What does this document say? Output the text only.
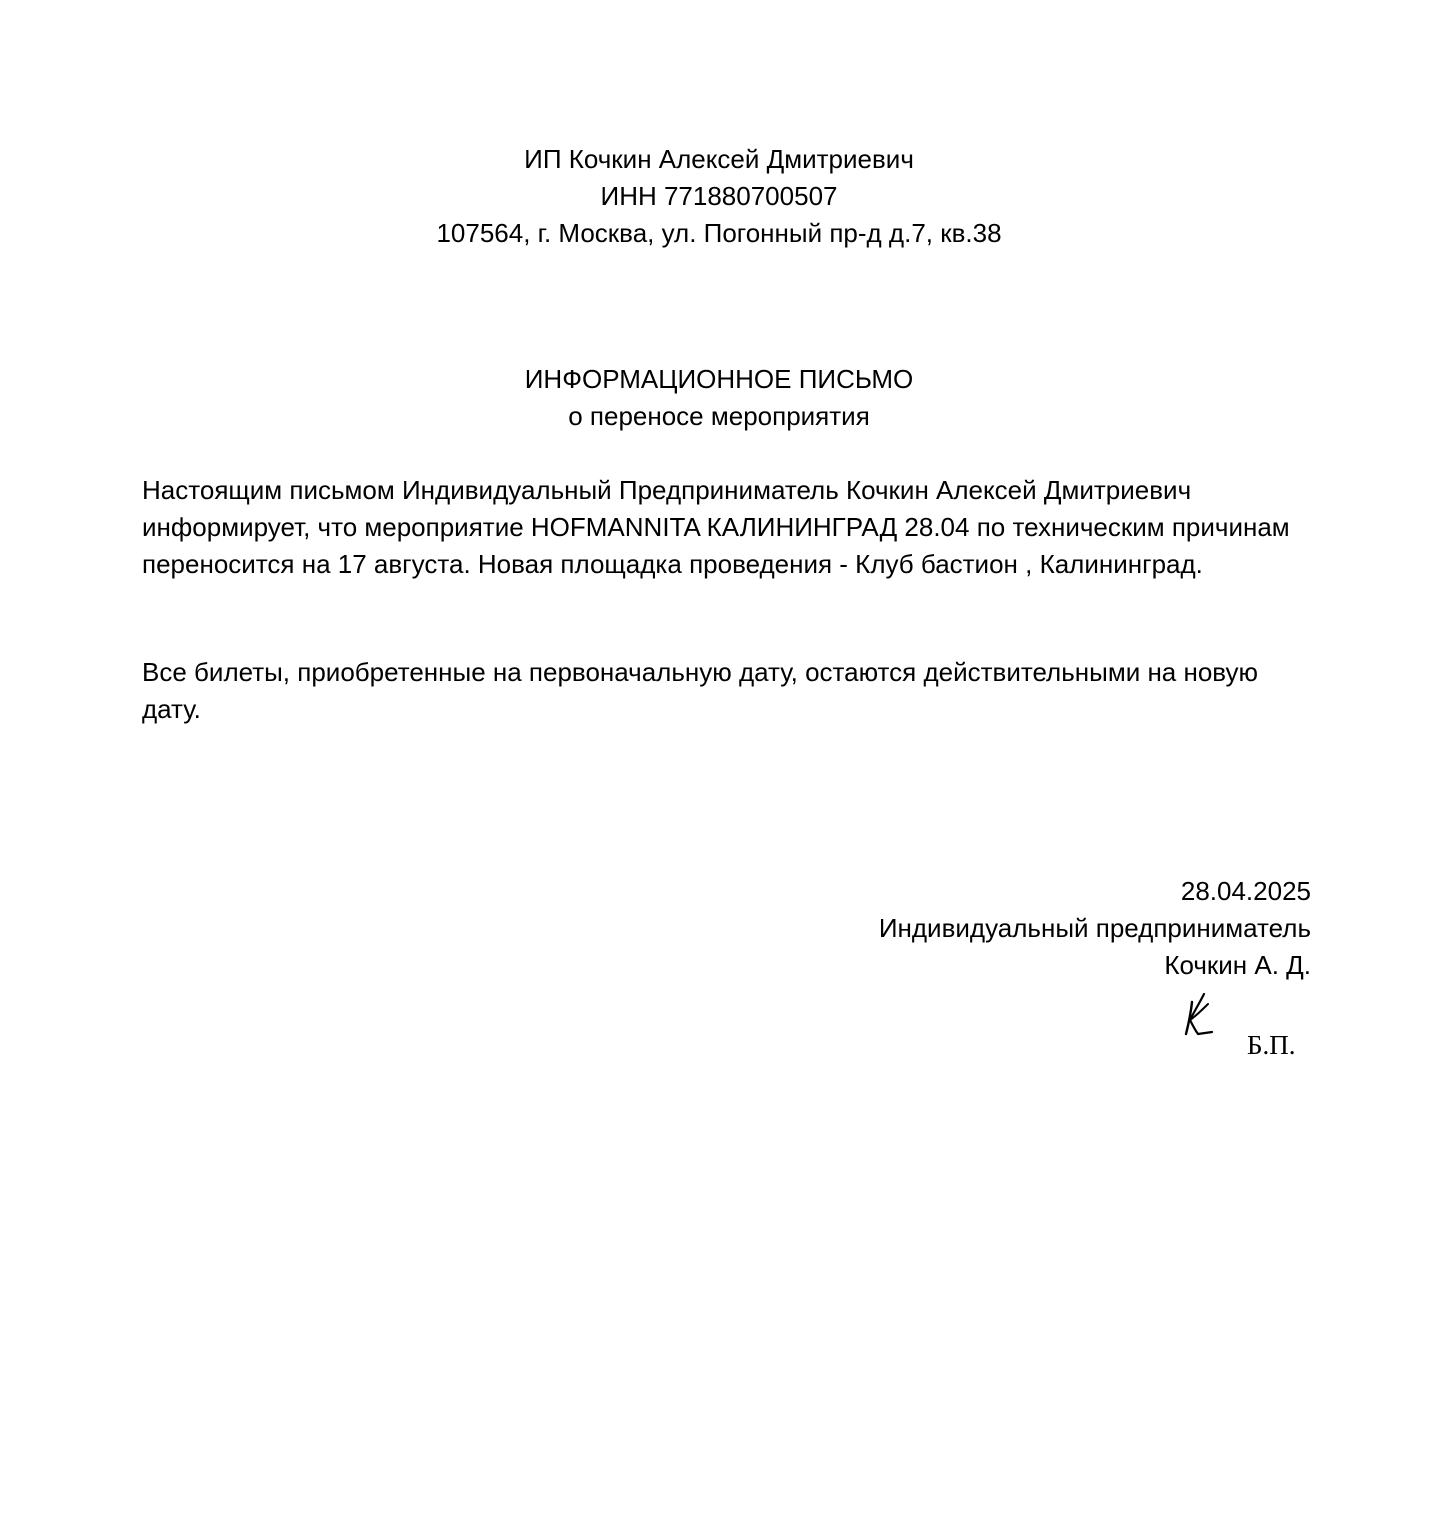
ИП Кочкин Алексей Дмитриевич
ИНН 771880700507
107564, г. Москва, ул. Погонный пр-д д.7, кв.38
ИНФОРМАЦИОННОЕ ПИСЬМО
о переносе мероприятия

Настоящим письмом Индивидуальный Предприниматель Кочкин Алексей Дмитриевич информирует, что мероприятие HOFMANNITA КАЛИНИНГРАД 28.04 по техническим причинам переносится на 17 августа. Новая площадка проведения - Клуб бастион , Калининград.

Все билеты, приобретенные на первоначальную дату, остаются действительными на новую дату.

28.04.2025
Индивидуальный предприниматель
Кочкин А. Д.
Б.П.
